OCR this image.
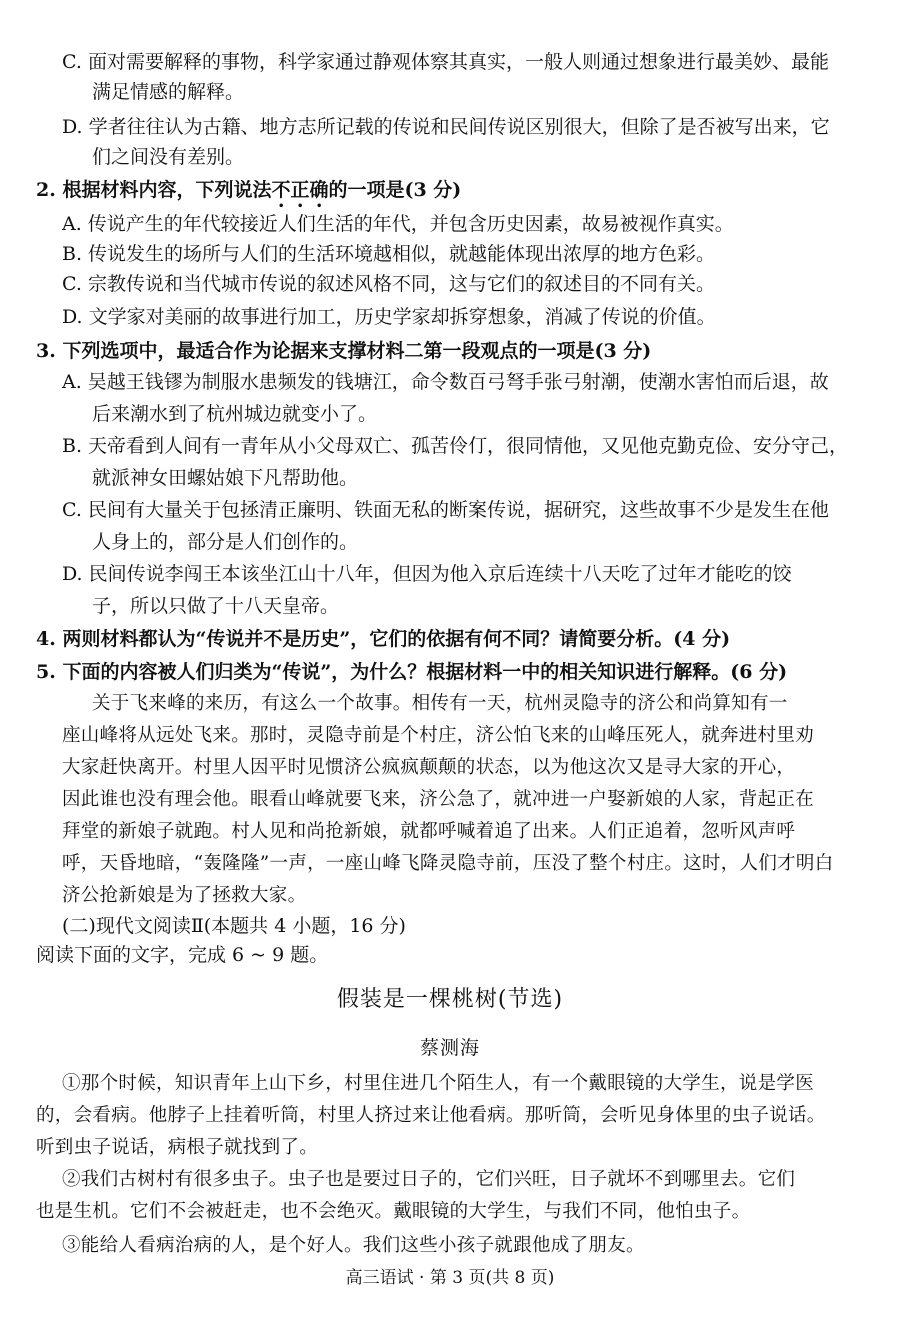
C. 面对需要解释的事物，科学家通过静观体察其真实，一般人则通过想象进行最美妙、最能
满足情感的解释。
D. 学者往往认为古籍、地方志所记载的传说和民间传说区别很大，但除了是否被写出来，它
们之间没有差别。
2. 根据材料内容，下列说法不正确的一项是(3 分)
A. 传说产生的年代较接近人们生活的年代，并包含历史因素，故易被视作真实。
B. 传说发生的场所与人们的生活环境越相似，就越能体现出浓厚的地方色彩。
C. 宗教传说和当代城市传说的叙述风格不同，这与它们的叙述目的不同有关。
D. 文学家对美丽的故事进行加工，历史学家却拆穿想象，消减了传说的价值。
3. 下列选项中，最适合作为论据来支撑材料二第一段观点的一项是(3 分)
A. 吴越王钱镠为制服水患频发的钱塘江，命令数百弓弩手张弓射潮，使潮水害怕而后退，故
后来潮水到了杭州城边就变小了。
B. 天帝看到人间有一青年从小父母双亡、孤苦伶仃，很同情他，又见他克勤克俭、安分守己，
就派神女田螺姑娘下凡帮助他。
C. 民间有大量关于包拯清正廉明、铁面无私的断案传说，据研究，这些故事不少是发生在他
人身上的，部分是人们创作的。
D. 民间传说李闯王本该坐江山十八年，但因为他入京后连续十八天吃了过年才能吃的饺
子，所以只做了十八天皇帝。
4. 两则材料都认为“传说并不是历史”，它们的依据有何不同？请简要分析。(4 分)
5. 下面的内容被人们归类为“传说”，为什么？根据材料一中的相关知识进行解释。(6 分)
关于飞来峰的来历，有这么一个故事。相传有一天，杭州灵隐寺的济公和尚算知有一
座山峰将从远处飞来。那时，灵隐寺前是个村庄，济公怕飞来的山峰压死人，就奔进村里劝
大家赶快离开。村里人因平时见惯济公疯疯颠颠的状态，以为他这次又是寻大家的开心，
因此谁也没有理会他。眼看山峰就要飞来，济公急了，就冲进一户娶新娘的人家，背起正在
拜堂的新娘子就跑。村人见和尚抢新娘，就都呼喊着追了出来。人们正追着，忽听风声呼
呼，天昏地暗，“轰隆隆”一声，一座山峰飞降灵隐寺前，压没了整个村庄。这时，人们才明白
济公抢新娘是为了拯救大家。
(二)现代文阅读Ⅱ(本题共 4 小题，16 分)
阅读下面的文字，完成 6 ~ 9 题。
假装是一棵桃树(节选)
蔡测海
①那个时候，知识青年上山下乡，村里住进几个陌生人，有一个戴眼镜的大学生，说是学医
的，会看病。他脖子上挂着听筒，村里人挤过来让他看病。那听筒，会听见身体里的虫子说话。
听到虫子说话，病根子就找到了。
②我们古树村有很多虫子。虫子也是要过日子的，它们兴旺，日子就坏不到哪里去。它们
也是生机。它们不会被赶走，也不会绝灭。戴眼镜的大学生，与我们不同，他怕虫子。
③能给人看病治病的人，是个好人。我们这些小孩子就跟他成了朋友。
高三语试 · 第 3 页(共 8 页)
